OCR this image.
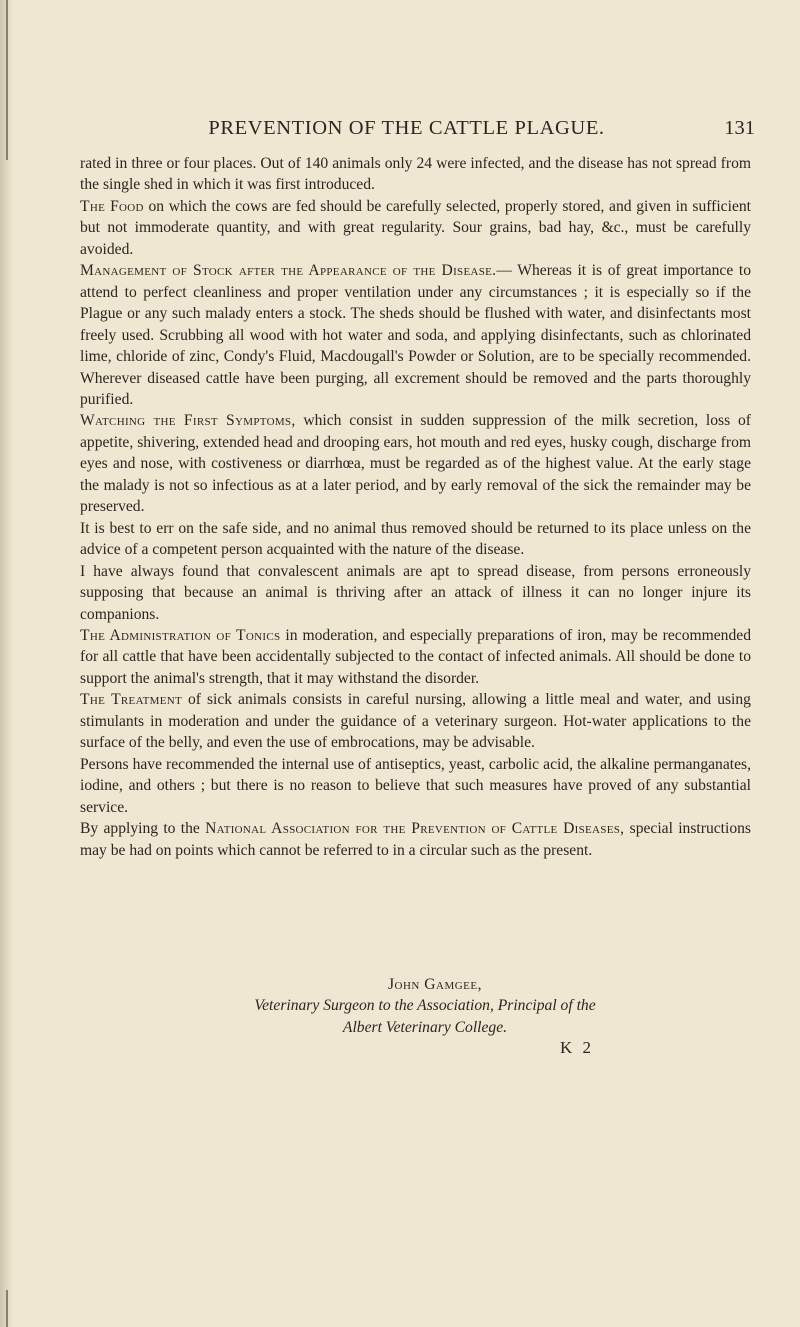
PREVENTION OF THE CATTLE PLAGUE.	131

rated in three or four places. Out of 140 animals only 24 were infected, and the disease has not spread from the single shed in which it was first introduced.

The Food on which the cows are fed should be carefully selected, properly stored, and given in sufficient but not immoderate quantity, and with great regularity. Sour grains, bad hay, &c., must be carefully avoided.

Management of Stock after the Appearance of the Disease.— Whereas it is of great importance to attend to perfect cleanliness and proper ventilation under any circumstances ; it is especially so if the Plague or any such malady enters a stock. The sheds should be flushed with water, and disinfectants most freely used. Scrubbing all wood with hot water and soda, and applying disinfectants, such as chlorinated lime, chloride of zinc, Condy's Fluid, Macdougall's Powder or Solution, are to be specially recommended. Wherever diseased cattle have been purging, all excrement should be removed and the parts thoroughly purified.

Watching the First Symptoms, which consist in sudden suppression of the milk secretion, loss of appetite, shivering, extended head and drooping ears, hot mouth and red eyes, husky cough, discharge from eyes and nose, with costiveness or diarrhœa, must be regarded as of the highest value. At the early stage the malady is not so infectious as at a later period, and by early removal of the sick the remainder may be preserved.

It is best to err on the safe side, and no animal thus removed should be returned to its place unless on the advice of a competent person acquainted with the nature of the disease.

I have always found that convalescent animals are apt to spread disease, from persons erroneously supposing that because an animal is thriving after an attack of illness it can no longer injure its companions.

The Administration of Tonics in moderation, and especially preparations of iron, may be recommended for all cattle that have been accidentally subjected to the contact of infected animals. All should be done to support the animal's strength, that it may withstand the disorder.

The Treatment of sick animals consists in careful nursing, allowing a little meal and water, and using stimulants in moderation and under the guidance of a veterinary surgeon. Hot-water applications to the surface of the belly, and even the use of embrocations, may be advisable.

Persons have recommended the internal use of antiseptics, yeast, carbolic acid, the alkaline permanganates, iodine, and others ; but there is no reason to believe that such measures have proved of any substantial service.

By applying to the National Association for the Prevention of Cattle Diseases, special instructions may be had on points which cannot be referred to in a circular such as the present.

John Gamgee,
Veterinary Surgeon to the Association, Principal of the
Albert Veterinary College.
K 2
